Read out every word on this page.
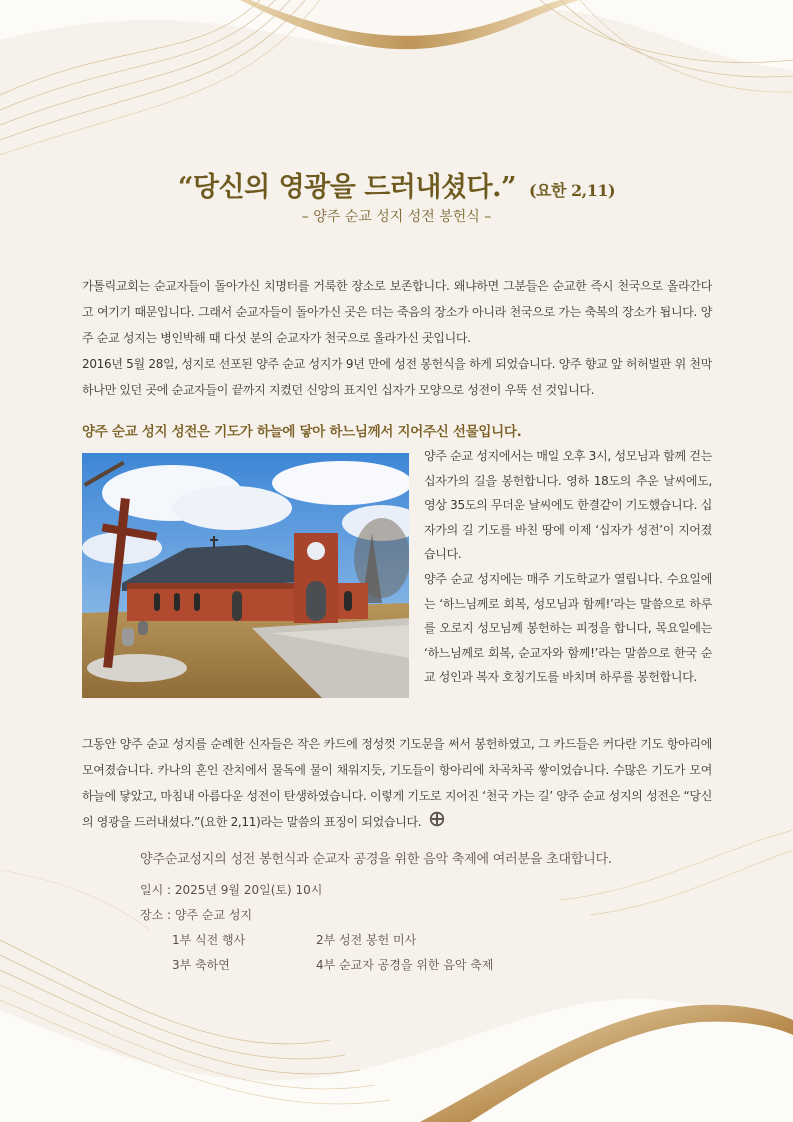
“당신의 영광을 드러내셨다.” (요한 2,11)
– 양주 순교 성지 성전 봉헌식 –

가톨릭교회는 순교자들이 돌아가신 치명터를 거룩한 장소로 보존합니다. 왜냐하면 그분들은 순교한 즉시 천국으로 올라간다고 여기기 때문입니다. 그래서 순교자들이 돌아가신 곳은 더는 죽음의 장소가 아니라 천국으로 가는 축복의 장소가 됩니다. 양주 순교 성지는 병인박해 때 다섯 분의 순교자가 천국으로 올라가신 곳입니다.

2016년 5월 28일, 성지로 선포된 양주 순교 성지가 9년 만에 성전 봉헌식을 하게 되었습니다. 양주 향교 앞 허허벌판 위 천막 하나만 있던 곳에 순교자들이 끝까지 지켰던 신앙의 표지인 십자가 모양으로 성전이 우뚝 선 것입니다.

양주 순교 성지 성전은 기도가 하늘에 닿아 하느님께서 지어주신 선물입니다.

양주 순교 성지에서는 매일 오후 3시, 성모님과 함께 걷는 십자가의 길을 봉헌합니다. 영하 18도의 추운 날씨에도, 영상 35도의 무더운 날씨에도 한결같이 기도했습니다. 십자가의 길 기도를 바친 땅에 이제 ‘십자가 성전’이 지어졌습니다.

양주 순교 성지에는 매주 기도학교가 열립니다. 수요일에는 ‘하느님께로 회복, 성모님과 함께!’라는 말씀으로 하루를 오로지 성모님께 봉헌하는 피정을 합니다, 목요일에는 ‘하느님께로 회복, 순교자와 함께!’라는 말씀으로 한국 순교 성인과 복자 호칭기도를 바치며 하루를 봉헌합니다.

그동안 양주 순교 성지를 순례한 신자들은 작은 카드에 정성껏 기도문을 써서 봉헌하였고, 그 카드들은 커다란 기도 항아리에 모여졌습니다. 카나의 혼인 잔치에서 물독에 물이 채워지듯, 기도들이 항아리에 차곡차곡 쌓이었습니다. 수많은 기도가 모여 하늘에 닿았고, 마침내 아름다운 성전이 탄생하였습니다. 이렇게 기도로 지어진 ‘천국 가는 길’ 양주 순교 성지의 성전은 “당신의 영광을 드러내셨다.”(요한 2,11)라는 말씀의 표징이 되었습니다.
양주순교성지의 성전 봉헌식과 순교자 공경을 위한 음악 축제에 여러분을 초대합니다.
일시 : 2025년 9월 20일(토) 10시
장소 : 양주 순교 성지
1부 식전 행사	2부 성전 봉헌 미사
3부 축하연	4부 순교자 공경을 위한 음악 축제
